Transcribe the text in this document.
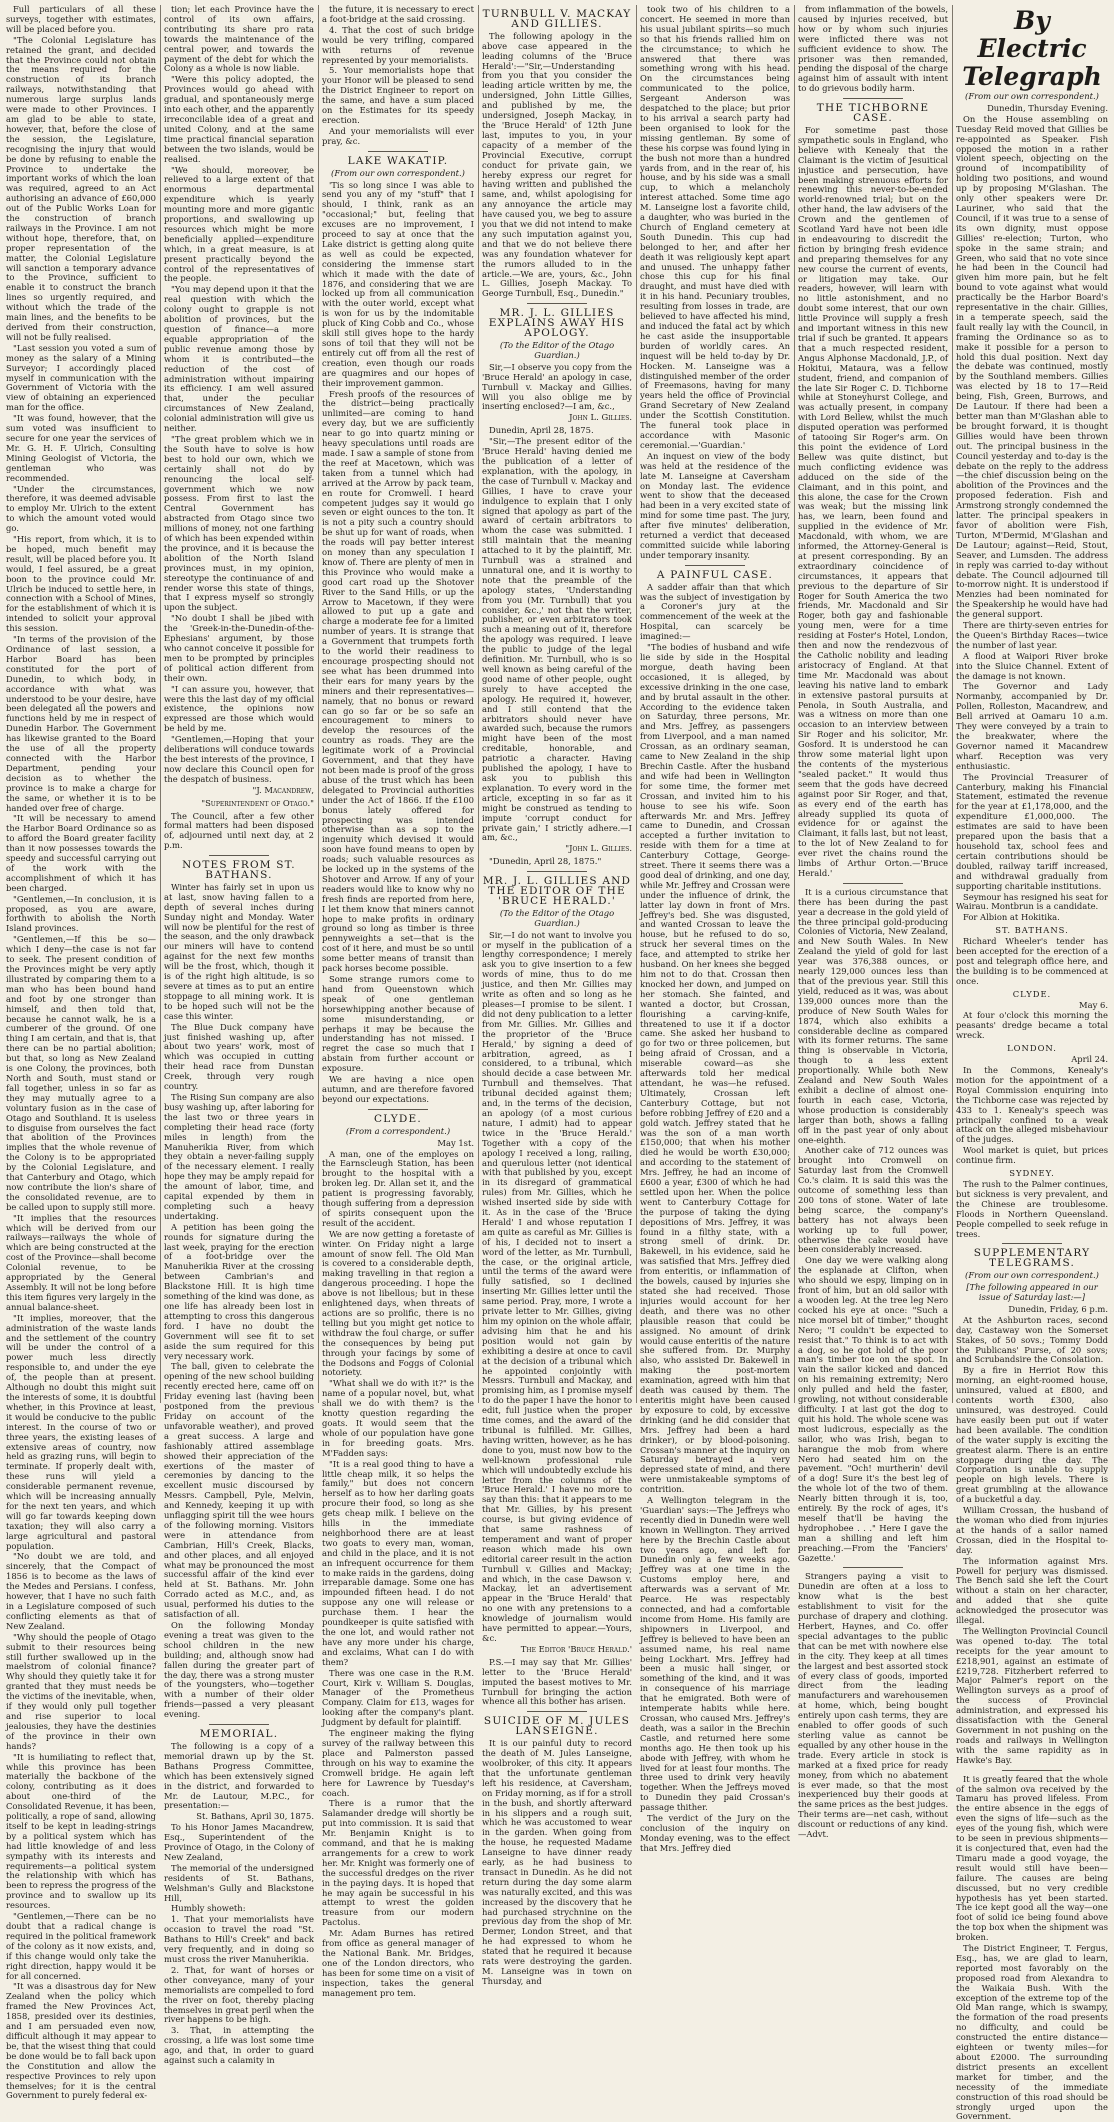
Full particulars of all these surveys, together with estimates, will be placed before you.

"The Colonial Legislature has retained the grant, and decided that the Province could not obtain the means required for the construction of its branch railways, notwithstanding that numerous large surplus lands were made to other Provinces. I am glad to be able to state, however, that, before the close of the session, the Legislature, recognising the injury that would be done by refusing to enable the Province to undertake the important works of which the loan was required, agreed to an Act authorising an advance of £60,000 out of the Public Works Loan for the construction of branch railways in the Province. I am not without hope, therefore, that, on proper representation of the matter, the Colonial Legislature will sanction a temporary advance to the Province, sufficient to enable it to construct the branch lines so urgently required, and without which the trade of the main lines, and the benefits to be derived from their construction, will not be fully realised.

"Last session you voted a sum of money as the salary of a Mining Surveyor; I accordingly placed myself in communication with the Government of Victoria with the view of obtaining an experienced man for the office.

"It was found, however, that the sum voted was insufficient to secure for one year the services of Mr. G. H. F. Ulrich, Consulting Mining Geologist of Victoria, the gentleman who was recommended.

"Under the circumstances, therefore, it was deemed advisable to employ Mr. Ulrich to the extent to which the amount voted would go.

"His report, from which, it is to be hoped, much benefit may result, will be placed before you. It would, I feel assured, be a great boon to the province could Mr. Ulrich be induced to settle here, in connection with a School of Mines, for the establishment of which it is intended to solicit your approval this session.

"In terms of the provision of the Ordinance of last session, a Harbor Board has been constituted for the port of Dunedin, to which body, in accordance with what was understood to be your desire, have been delegated all the powers and functions held by me in respect of Dunedin Harbor. The Government has likewise granted to the Board the use of all the property connected with the Harbor Department, pending your decision as to whether the province is to make a charge for the same, or whether it is to be handed over free of charge.

"It will be necessary to amend the Harbor Board Ordinance so as to afford the Board greater facility than it now possesses towards the speedy and successful carrying out of the work with the accomplishment of which it has been charged.

"Gentlemen,—In conclusion, it is proposed, as you are aware, forthwith to abolish the North Island provinces.

"Gentlemen,—If this be so—which I deny—the case is not far to seek. The present condition of the Provinces might be very aptly illustrated by comparing them to a man who has been bound hand and foot by one stronger than himself, and then told that, because he cannot walk, he is a cumberer of the ground. Of one thing I am certain, and that is, that there can be no partial abolition; but that, so long as New Zealand is one Colony, the provinces, both North and South, must stand or fall together, unless in so far as they may mutually agree to a voluntary fusion as in the case of Otago and Southland. It is useless to disguise from ourselves the fact that abolition of the Provinces implies that the whole revenue of the Colony is to be appropriated by the Colonial Legislature, and that Canterbury and Otago, which now contribute the lion's share of the consolidated revenue, are to be called upon to supply still more.

"It implies that the resources which will be derived from our railways—railways the whole of which are being constructed at the cost of the Province—shall become Colonial revenue, to be appropriated by the General Assembly. It will not be long before this item figures very largely in the annual balance-sheet.

"It implies, moreover, that the administration of the waste lands and the settlement of the country will be under the control of a power much less directly responsible to, and under the eye of, the people than at present. Although no doubt this might suit the interests of some, it is doubtful whether, in this Province at least, it would be conducive to the public interest. In the course of two or three years, the existing leases of extensive areas of country, now held as grazing runs, will begin to terminate. If properly dealt with, these runs will yield a considerable permanent revenue, which will be increasing annually for the next ten years, and which will go far towards keeping down taxation; they will also carry a large agricultural and pastoral population.

"No doubt we are told, and sincerely, that the Compact of 1856 is to become as the laws of the Medes and Persians. I confess, however, that I have no such faith in a Legislature composed of such conflicting elements as that of New Zealand.

"Why should the people of Otago submit to their resources being still further swallowed up in the maelstrom of colonial finance? Why should they quietly take it for granted that they must needs be the victims of the inevitable, when, if they would only pull together and rise superior to local jealousies, they have the destinies of the province in their own hands?

"It is humiliating to reflect that, while this province has been materially the backbone of the colony, contributing as it does about one-third of the Consolidated Revenue, it has been, politically, a rope of sand, allowing itself to be kept in leading-strings by a political system which has had little knowledge of and less sympathy with its interests and requirements—a political system the relationship with which has been to repress the progress of the province and to swallow up its resources.

"Gentlemen,—There can be no doubt that a radical change is required in the political framework of the colony as it now exists, and, if this change would only take the right direction, happy would it be for all concerned.

"It was a disastrous day for New Zealand when the policy which framed the New Provinces Act, 1858, presided over its destinies, and I am persuaded even now, difficult although it may appear to be, that the wisest thing that could be done would be to fall back upon the Constitution and allow the respective Provinces to rely upon themselves; for it is the central Government to purely federal ex-

tion; let each Province have the control of its own affairs, contributing its share pro rata towards the maintenance of the central power, and towards the payment of the debt for which the Colony as a whole is now liable.

"Were this policy adopted, the Provinces would go ahead with gradual, and spontaneously merge into each other, and the apparently irreconcilable idea of a great and united Colony, and at the same time practical financial separation between the two islands, would be realised.

"We should, moreover, be relieved to a large extent of that enormous departmental expenditure which is yearly mounting more and more gigantic proportions, and swallowing up resources which might be more beneficially applied—expenditure which, in a great measure, is at present practically beyond the control of the representatives of the people.

"You may depend upon it that the real question with which the colony ought to grapple is not abolition of provinces, but the question of finance—a more equable appropriation of the public revenue among those by whom it is contributed—the reduction of the cost of administration without impairing its efficiency. I am well assured that, under the peculiar circumstances of New Zealand, colonial administration will give us neither.

"The great problem which we in the South have to solve is how best to hold our own, which we certainly shall not do by renouncing the local self-government which we now possess. From first to last the Central Government has abstracted from Otago since two millions of money, not one farthing of which has been expended within the province, and it is because the abolition of the North Island provinces must, in my opinion, stereotype the continuance of and render worse this state of things, that I express myself so strongly upon the subject.

"No doubt I shall be jibed with the 'Greek-in-the-Dunedin-of-the-Ephesians' argument, by those who cannot conceive it possible for men to be prompted by principles of political action different from their own.

"I can assure you, however, that were this the last day of my official existence, the opinions now expressed are those which would be held by me.

"Gentlemen,—Hoping that your deliberations will conduce towards the best interests of the province, I now declare this Council open for the despatch of business.

"J. Macandrew,
"Superintendent of Otago."

The Council, after a few other formal matters had been disposed of, adjourned until next day, at 2 p.m.

NOTES FROM ST. BATHANS.

Winter has fairly set in upon us at last, snow having fallen to a depth of several inches during Sunday night and Monday. Water will now be plentiful for the rest of the season, and the only drawback our miners will have to contend against for the next few months will be the frost, which, though it is of the right high altitude, is so severe at times as to put an entire stoppage to all mining work. It is to be hoped such will not be the case this winter.

The Blue Duck company have just finished washing up, after about two years' work, most of which was occupied in cutting their head race from Dunstan Creek, through very rough country.

The Rising Sun company are also busy washing up, after laboring for the last two or three years in completing their head race (forty miles in length) from the Manuherikia River, from which they obtain a never-failing supply of the necessary element. I really hope they may be amply repaid for the amount of labor, time, and capital expended by them in completing such a heavy undertaking.

A petition has been going the rounds for signature during the last week, praying for the erection of a foot-bridge over the Manuherikia River at the crossing between Cambrian's and Blackstone Hill. It is high time something of the kind was done, as one life has already been lost in attempting to cross this dangerous ford. I have no doubt the Government will see fit to set aside the sum required for this very necessary work.

The ball, given to celebrate the opening of the new school building recently erected here, came off on Friday evening last (having been postponed from the previous Friday on account of the unfavorable weather), and proved a great success. A large and fashionably attired assemblage showed their appreciation of the exertions of the master of ceremonies by dancing to the excellent music discoursed by Messrs. Campbell, Pyle, Melvin, and Kennedy, keeping it up with unflagging spirit till the wee hours of the following morning. Visitors were in attendance from Cambrian, Hill's Creek, Blacks, and other places, and all enjoyed what may be pronounced the most successful affair of the kind ever held at St. Bathans. Mr. John Corrado acted as M.C., and, as usual, performed his duties to the satisfaction of all.

On the following Monday evening a treat was given to the school children in the new building; and, although snow had fallen during the greater part of the day, there was a strong muster of the youngsters, who—together with a number of their older friends—passed a very pleasant evening.

MEMORIAL.

The following is a copy of a memorial drawn up by the St. Bathans Progress Committee, which has been extensively signed in the district, and forwarded to Mr. de Lautour, M.P.C., for presentation:—

St. Bathans, April 30, 1875.

To his Honor James Macandrew, Esq., Superintendent of the Province of Otago, in the Colony of New Zealand,

The memorial of the undersigned residents of St. Bathans, Welshman's Gully and Blackstone Hill,

Humbly showeth:

1. That your memorialists have occasion to travel the road "St. Bathans to Hill's Creek" and back very frequently, and in doing so must cross the river Manuherikia.

2. That, for want of horses or other conveyance, many of your memorialists are compelled to ford the river on foot, thereby placing themselves in great peril when the river happens to be high.

3. That, in attempting the crossing, a life was lost some time ago, and that, in order to guard against such a calamity in

the future, it is necessary to erect a foot-bridge at the said crossing.

4. That the cost of such bridge would be very trifling, compared with returns of revenue represented by your memorialists.

5. Your memorialists hope that your Honor will be pleased to send the District Engineer to report on the same, and have a sum placed on the Estimates for its speedy erection.

And your memorialists will ever pray, &c.

LAKE WAKATIP.
(From our own correspondent.)

'Tis so long since I was able to send you any of my "stuff" that I should, I think, rank as an "occasional;" but, feeling that excuses are no improvement, I proceed to say at once that the Lake district is getting along quite as well as could be expected, considering the immense start which it made with the date of 1876, and considering that we are locked up from all communication with the outer world, except what is won for us by the indomitable pluck of King Cobb and Co., whose skill still gives hope to the hardy sons of toil that they will not be entirely cut off from all the rest of creation, even though our roads are quagmires and our hopes of their improvement gammon.

Fresh proofs of the resources of the district—being practically unlimited—are coming to hand every day, but we are sufficiently near to go into quartz mining or heavy speculations until roads are made. I saw a sample of stone from the reef at Macetown, which was taken from a tunnel which had arrived at the Arrow by pack team, en route for Cromwell. I heard competent judges say it would go seven or eight ounces to the ton. It is not a pity such a country should be shut up for want of roads, when the roads will pay better interest on money than any speculation I know of. There are plenty of men in this Province who would make a good cart road up the Shotover River to the Sand Hills, or up the Arrow to Macetown, if they were allowed to put up a gate and charge a moderate fee for a limited number of years. It is strange that a Government that trumpets forth to the world their readiness to encourage prospecting should not see what has been drummed into their ears for many years by the miners and their representatives—namely, that no bonus or reward can go so far or be so safe an encouragement to miners to develop the resources of the country as roads. They are the legitimate work of a Provincial Government, and that they have not been made is proof of the gross abuse of the trust which has been delegated to Provincial authorities under the Act of 1866. If the £100 bonus lately offered for prospecting was intended otherwise than as a sop to the ingenuity which devised it would soon have found means to open by roads; such valuable resources as be locked up in the systems of the Shotover and Arrow. If any of your readers would like to know why no fresh finds are reported from here, I let them know that miners cannot hope to make profits in ordinary ground so long as timber is three pennyweights a set—that is the cost of it here, and must be so until some better means of transit than pack horses become possible.

Some strange rumors come to hand from Queenstown which speak of one gentleman horsewhipping another because of some misunderstanding, or perhaps it may be because the understanding has not missed. I regret the case so much that I abstain from further account or exposure.

We are having a nice open autumn, and are therefore favored beyond our expectations.

CLYDE.
(From a correspondent.)
May 1st.

A man, one of the employes on the Earnscleugh Station, has been brought to the hospital with a broken leg. Dr. Allan set it, and the patient is progressing favorably, though suffering from a depression of spirits consequent upon the result of the accident.

We are now getting a foretaste of winter. On Friday night a large amount of snow fell. The Old Man is covered to a considerable depth, making travelling in that region a dangerous proceeding. I hope the above is not libellous; but in these enlightened days, when threats of actions are so prolific, there is no telling but you might get notice to withdraw the foul charge, or suffer the consequences by being put through your facings by some of the Dodsons and Foggs of Colonial notoriety.

"What shall we do with it?" is the name of a popular novel, but, what shall we do with them? is the knotty question regarding the goats. It would seem that the whole of our population have gone in for breeding goats. Mrs. M'Fadden says:

"It is a real good thing to have a little cheap milk, it so helps the family," but does not concern herself as to how her darling goats procure their food, so long as she gets cheap milk. I believe on the hills in the immediate neighborhood there are at least two goats to every man, woman, and child in the place, and it is not an infrequent occurrence for them to make raids in the gardens, doing irreparable damage. Some one has impounded fifteen head. I do not suppose any one will release or purchase them. I hear the poundkeeper is quite satisfied with the one lot, and would rather not have any more under his charge, and exclaims, What can I do with them?

There was one case in the R.M. Court, Kirk v. William S. Douglas, Manager of the Prometheus Company. Claim for £13, wages for looking after the company's plant. Judgment by default for plaintiff.

The engineer making the flying survey of the railway between this place and Palmerston passed through on his way to examine the Cromwell bridge. He again left here for Lawrence by Tuesday's coach.

There is a rumor that the Salamander dredge will shortly be put into commission. It is said that Mr. Benjamin Knight is to command, and that he is making arrangements for a crew to work her. Mr. Knight was formerly one of the successful dredges on the river in the paying days. It is hoped that he may again be successful in his attempt to wrest the golden treasure from our modern Pactolus.

Mr. Adam Burnes has retired from office as general manager of the National Bank. Mr. Bridges, one of the London directors, who has been for some time on a visit of inspection, takes the general management pro tem.

TURNBULL V. MACKAY AND GILLIES.

The following apology in the above case appeared in the leading columns of the 'Bruce Herald':—"Sir,—Understanding from you that you consider the leading article written by me, the undersigned, John Little Gillies, and published by me, the undersigned, Joseph Mackay, in the 'Bruce Herald' of 12th June last, imputes to you, in your capacity of a member of the Provincial Executive, corrupt conduct for private gain, we hereby express our regret for having written and published the same, and, whilst apologising for any annoyance the article may have caused you, we beg to assure you that we did not intend to make any such imputation against you, and that we do not believe there was any foundation whatever for the rumors alluded to in the article.—We are, yours, &c., John L. Gillies, Joseph Mackay. To George Turnbull, Esq., Dunedin."

MR. J. L. GILLIES EXPLAINS AWAY HIS APOLOGY.
(To the Editor of the Otago Guardian.)

Sir,—I observe you copy from the 'Bruce Herald' an apology in case, Turnbull v. Mackay and Gillies. Will you also oblige me by inserting enclosed?—I am, &c.,

John L. Gillies.

Dunedin, April 28, 1875.

"Sir,—The present editor of the 'Bruce Herald' having denied me the publication of a letter of explanation, with the apology, in the case of Turnbull v. Mackay and Gillies, I have to crave your indulgence to explain that I only signed that apology as part of the award of certain arbitrators to whom the case was submitted. I still maintain that the meaning attached to it by the plaintiff, Mr. Turnbull was a strained and unnatural one, and it is worthy to note that the preamble of the apology states, 'Understanding from you (Mr. Turnbull) that you consider, &c.,' not that the writer, publisher, or even arbitrators took such a meaning out of it, therefore the apology was required. I leave the public to judge of the legal definition. Mr. Turnbull, who is so well known as being careful of the good name of other people, ought surely to have accepted the apology. He required it, however, and I still contend that the arbitrators should never have awarded such, because the rumors might have been of the most creditable, honorable, and patriotic a character. Having published the apology, I have to ask you to publish this explanation. To every word in the article, excepting in so far as it might be construed as tending to impute 'corrupt conduct for private gain,' I strictly adhere.—I am, &c.,

"John L. Gillies.

"Dunedin, April 28, 1875."

MR. J. L. GILLIES AND THE EDITOR OF THE 'BRUCE HERALD.'
(To the Editor of the Otago Guardian.)

Sir,—I do not want to involve you or myself in the publication of a lengthy correspondence; I merely ask you to give insertion to a few words of mine, thus to do me justice, and then Mr. Gillies may write as often and so long as he pleases—I promise to be silent. I did not deny publication to a letter from Mr. Gillies. Mr. Gillies and the proprietor of the 'Bruce Herald,' by signing a deed of arbitration, agreed, as I considered, to a tribunal, which should decide a case between Mr. Turnbull and themselves. That tribunal decided against them; and, in the terms of the decision, an apology (of a most curious nature, I admit) had to appear twice in the 'Bruce Herald.' Together with a copy of the apology I received a long, railing, and querulous letter (not identical with that published by you, except in its disregard of grammatical rules) from Mr. Gillies, which he wished inserted side by side with it. As in the case of the 'Bruce Herald' I and whose reputation I am quite as careful as Mr. Gillies is of his, I decided not to insert a word of the letter, as Mr. Turnbull, the case, or the original article, until the terms of the award were fully satisfied, so I declined inserting Mr. Gillies letter until the same period. Pray, more, I wrote a private letter to Mr. Gillies, giving him my opinion on the whole affair, advising him that he and his position would not gain by exhibiting a desire at once to cavil at the decision of a tribunal which he appointed conjointly with Messrs. Turnbull and Mackay, and promising him, as I promise myself to do the paper I have the honor to edit, full justice when the proper time comes, and the award of the tribunal is fulfilled. Mr. Gillies, having written, however, as he has done to you, must now bow to the well-known professional rule which will undoubtedly exclude his letter from the columns of the 'Bruce Herald.' I have no more to say than this: that it appears to me that Mr. Gillies, by his present course, is but giving evidence of that same rashness of temperament and want of proper reason which made his own editorial career result in the action Turnbull v. Gillies and Mackay; and which, in the case Dawson v. Mackay, let an advertisement appear in the 'Bruce Herald' that no one with any pretensions to a knowledge of journalism would have permitted to appear.—Yours, &c.

The Editor 'Bruce Herald.'

P.S.—I may say that Mr. Gillies' letter to the 'Bruce Herald' imputed the basest motives to Mr. Turnbull for bringing the action whence all this bother has arisen.

SUICIDE OF M. JULES LANSEIGNE.

It is our painful duty to record the death of M. Jules Lanseigne, woolbroker, of this city. It appears that the unfortunate gentleman left his residence, at Caversham, on Friday morning, as if for a stroll in the bush, and shortly afterward in his slippers and a rough suit, which he was accustomed to wear in the garden. When going from the house, he requested Madame Lanseigne to have dinner ready early, as he had business to transact in Dunedin. As he did not return during the day some alarm was naturally excited, and this was increased by the discovery that he had purchased strychnine on the previous day from the shop of Mr. Dermer, London Street, and that he had expressed to whom he stated that he required it because rats were destroying the garden. M. Lanseigne was in town on Thursday, and

took two of his children to a concert. He seemed in more than his usual jubilant spirits—so much so that his friends rallied him on the circumstance; to which he answered that there was something wrong with his head. On the circumstances being communicated to the police, Sergeant Anderson was despatched to the place; but prior to his arrival a search party had been organised to look for the missing gentleman. By some of these his corpse was found lying in the bush not more than a hundred yards from, and in the rear of, his house, and by his side was a small cup, to which a melancholy interest attached. Some time ago M. Lanseigne lost a favorite child, a daughter, who was buried in the Church of England cemetery at South Dunedin. This cup had belonged to her, and after her death it was religiously kept apart and unused. The unhappy father chose this cup for his final draught, and must have died with it in his hand. Pecuniary troubles, resulting from losses in trade, are believed to have affected his mind, and induced the fatal act by which he cast aside the insupportable burden of worldly cares. An inquest will be held to-day by Dr. Hocken. M. Lanseigne was a distinguished member of the order of Freemasons, having for many years held the office of Provincial Grand Secretary of New Zealand under the Scottish Constitution. The funeral took place in accordance with Masonic ceremonial.—'Guardian.'

An inquest on view of the body was held at the residence of the late M. Lanseigne at Caversham on Monday last. The evidence went to show that the deceased had been in a very excited state of mind for some time past. The jury, after five minutes' deliberation, returned a verdict that deceased committed suicide while laboring under temporary insanity.

A PAINFUL CASE.

A sadder affair than that which was the subject of investigation by a Coroner's jury at the commencement of the week at the Hospital, can scarcely be imagined:—

"The bodies of husband and wife lie side by side in the Hospital morgue, death having been occasioned, it is alleged, by excessive drinking in the one case, and by brutal assault in the other. According to the evidence taken on Saturday, three persons, Mr. and Mrs. Jeffrey, as passengers from Liverpool, and a man named Crossan, as an ordinary seaman, came to New Zealand in the ship Brechin Castle. After the husband and wife had been in Wellington for some time, the former met Crossan, and invited him to his house to see his wife. Soon afterwards Mr. and Mrs. Jeffrey came to Dunedin, and Crossan accepted a further invitation to reside with them for a time at Canterbury Cottage, George-street. There it seems there was a good deal of drinking, and one day, while Mr. Jeffrey and Crossan were under the influence of drink, the latter lay down in front of Mrs. Jeffrey's bed. She was disgusted, and wanted Crossan to leave the house, but he refused to do so, struck her several times on the face, and attempted to strike her husband. On her knees she begged him not to do that. Crossan then knocked her down, and jumped on her stomach. She fainted, and wanted a doctor, but Crossan, flourishing a carving-knife, threatened to use it if a doctor came. She asked her husband to go for two or three policemen, but being afraid of Crossan, and a miserable coward—as she afterwards told her medical attendant, he was—he refused. Ultimately, Crossan left Canterbury Cottage, but not before robbing Jeffrey of £20 and a gold watch. Jeffrey stated that he was the son of a man worth £150,000; that when his mother died he would be worth £30,000; and according to the statement of Mrs. Jeffrey, he had an income of £600 a year, £300 of which he had settled upon her. When the police went to Canterbury Cottage for the purpose of taking the dying depositions of Mrs. Jeffrey, it was found in a filthy state, with a strong smell of drink. Dr. Bakewell, in his evidence, said he was satisfied that Mrs. Jeffrey died from enteritis, or inflammation of the bowels, caused by injuries she stated she had received. Those injuries would account for her death, and there was no other plausible reason that could be assigned. No amount of drink would cause enteritis of the nature she suffered from. Dr. Murphy also, who assisted Dr. Bakewell in making the post-mortem examination, agreed with him that death was caused by them. The enteritis might have been caused by exposure to cold, by excessive drinking (and he did consider that Mrs. Jeffrey had been a hard drinker), or by blood-poisoning. Crossan's manner at the inquiry on Saturday betrayed a very depressed state of mind, and there were unmistakeable symptoms of contrition.

A Wellington telegram in the 'Guardian' says:—The Jeffreys who recently died in Dunedin were well known in Wellington. They arrived here by the Brechin Castle about two years ago, and left for Dunedin only a few weeks ago. Jeffrey was at one time in the Customs employ here, and afterwards was a servant of Mr. Pearce. He was respectably connected, and had a comfortable income from Home. His family are shipowners in Liverpool, and Jeffrey is believed to have been an assumed name, his real name being Lockhart. Mrs. Jeffrey had been a music hall singer, or something of the kind, and it was in consequence of his marriage that he emigrated. Both were of intemperate habits while here. Crossan, who caused Mrs. Jeffrey's death, was a sailor in the Brechin Castle, and returned here some months ago. He then took up his abode with Jeffrey, with whom he lived for at least four months. The three used to drink very heavily together. When the Jeffreys moved to Dunedin they paid Crossan's passage thither.

The verdict of the Jury on the conclusion of the inquiry on Monday evening, was to the effect that Mrs. Jeffrey died

from inflammation of the bowels, caused by injuries received, but how or by whom such injuries were inflicted there was not sufficient evidence to show. The prisoner was then remanded, pending the disposal of the charge against him of assault with intent to do grievous bodily harm.

THE TICHBORNE CASE.

For sometime past those sympathetic souls in England, who believe with Kenealy that the Claimant is the victim of Jesuitical injustice and persecution, have been making strenuous efforts for renewing this never-to-be-ended world-renowned trial; but on the other hand, the law advisers of the Crown and the gentlemen of Scotland Yard have not been idle in endeavouring to discredit the fiction by bringing fresh evidence and preparing themselves for any new course the current of events, or litigation may take. Our readers, however, will learn with no little astonishment, and no doubt some interest, that our own little Province will supply a fresh and important witness in this new trial if such be granted. It appears that a much respected resident, Angus Alphonse Macdonald, J.P., of Hokitui, Mataura, was a fellow student, friend, and companion of the late Sir Roger C. D. Tichborne while at Stoneyhurst College, and was actually present, in company with Lord Bellew, whilst the much disputed operation was performed of tatooing Sir Roger's arm. On this point the evidence of Lord Bellew was quite distinct, but much conflicting evidence was adduced on the side of the Claimant, and in this point, and this alone, the case for the Crown was weak; but the missing link has, we learn, been found and supplied in the evidence of Mr. Macdonald, with whom, we are informed, the Attorney-General is at present corresponding. By an extraordinary coincidence of circumstances, it appears that previous to the departure of Sir Roger for South America the two friends, Mr. Macdonald and Sir Roger, both gay and fashionable young men, were for a time residing at Foster's Hotel, London, then and now the rendezvous of the Catholic nobility and leading aristocracy of England. At that time Mr. Macdonald was about leaving his native land to embark in extensive pastoral pursuits at Penola, in South Australia, and was a witness on more than one occasion to an interview between Sir Roger and his solicitor, Mr. Gosford. It is understood he can throw some material light upon the contents of the mysterious "sealed packet." It would thus seem that the gods have decreed against poor Sir Roger, and that, as every end of the earth has already supplied its quota of evidence for or against the Claimant, it falls last, but not least, to the lot of New Zealand to for ever rivet the chains round the limbs of Arthur Orton.—'Bruce Herald.'

It is a curious circumstance that there has been during the past year a decrease in the gold yield of the three principal gold-producing Colonies of Victoria, New Zealand, and New South Wales. In New Zealand the yield of gold for last year was 376,388 ounces, or nearly 129,000 ounces less than that of the previous year. Still this yield, reduced as it was, was about 139,000 ounces more than the produce of New South Wales for 1874, which also exhibits a considerable decline as compared with its former returns. The same thing is observable in Victoria, though to a less extent proportionally. While both New Zealand and New South Wales exhibit a decline of almost one-fourth in each case, Victoria, whose production is considerably larger than both, shows a falling off in the past year of only about one-eighth.

Another cake of 712 ounces was brought into Cromwell on Saturday last from the Cromwell Co.'s claim. It is said this was the outcome of something less than 200 tons of stone. Water of late being scarce, the company's battery has not always been working up to full power, otherwise the cake would have been considerably increased.

One day we were walking along the esplanade at Clifton, when who should we espy, limping on in front of him, but an old sailor with a wooden leg. At the tree leg Nero cocked his eye at once: "Such a nice morsel bit of timber," thought Nero; "I couldn't be expected to resist that." To think is to act with a dog, so he got hold of the poor man's timber toe on the spot. In vain the sailor kicked and danced on his remaining extremity; Nero only pulled and held the faster, growling, not without considerable difficulty. I at last got the dog to quit his hold. The whole scene was most ludicrous, especially as the sailor, who was Irish, began to harangue the mob from where Nero had seated him on the pavement. "Och! murtherin' devil of a dog! Sure it's the best leg of the whole lot of the two of them. Nearly bitten through it is, too, entirely. By the rock of ages, it's meself that'll be having the hydrophobee . . ." Here I gave the man a shilling and left him preaching.—From the 'Fanciers' Gazette.'

Strangers paying a visit to Dunedin are often at a loss to know what is the best establishment to visit for the purchase of drapery and clothing. Herbert, Haynes, and Co. offer special advantages to the public that can be met with nowhere else in the city. They keep at all times the largest and best assorted stock of every class of goods, imported direct from the leading manufacturers and warehousemen at home, which, being bought entirely upon cash terms, they are enabled to offer goods of such sterling value as cannot be equalled by any other house in the trade. Every article in stock is marked at a fixed price for ready money, from which no abatement is ever made, so that the most inexperienced buy their goods at the same prices as the best judges. Their terms are—net cash, without discount or reductions of any kind.—Advt.

By Electric Telegraph
(From our own correspondent.)
Dunedin, Thursday Evening.

On the House assembling on Tuesday Reid moved that Gillies be re-appointed as Speaker. Fish opposed the motion in a rather violent speech, objecting on the ground of incompatibility of holding two positions, and wound up by proposing M'Glashan. The only other speakers were Dr. Lauriner, who said that the Council, if it was true to a sense of its own dignity, must oppose Gillies' re-election; Turton, who spoke in the same strain; and Green, who said that no vote since he had been in the Council had given him more pain, but he felt bound to vote against what would practically be the Harbor Board's representative in the chair. Gillies, in a temperate speech, said the fault really lay with the Council, in framing the Ordinance so as to make it possible for a person to hold this dual position. Next day the debate was continued, mostly by the Southland members. Gillies was elected by 18 to 17—Reid being, Fish, Green, Burrows, and De Lautour. If there had been a better man than M'Glashan able to be brought forward, it is thought Gillies would have been thrown out. The principal business in the Council yesterday and to-day is the debate on the reply to the address—the chief discussion being on the abolition of the Provinces and the proposed federation. Fish and Armstrong strongly condemned the latter. The principal speakers in favor of abolition were Fish, Turton, M'Dermid, M'Glashan and De Lautour; against—Reid, Stout, Seaver, and Lumsden. The address in reply was carried to-day without debate. The Council adjourned till to-morrow night. It is understood if Menzies had been nominated for the Speakership he would have had the general support.

There are thirty-seven entries for the Queen's Birthday Races—twice the number of last year.

A flood at Waipori River broke into the Sluice Channel. Extent of the damage is not known.

The Governor and Lady Normanby, accompanied by Dr. Pollen, Rolleston, Macandrew, and Bell arrived at Oamaru 10 a.m. They were conveyed by a train to the breakwater, where the Governor named it Macandrew wharf. Reception was very enthusiastic.

The Provincial Treasurer of Canterbury, making his Financial Statement, estimated the revenue for the year at £1,178,000, and the expenditure £1,000,000. The estimates are said to have been prepared upon the basis that a household tax, school fees and certain contributions should be doubled, railway tariff increased, and withdrawal gradually from supporting charitable institutions.

Seymour has resigned his seat for Wairau. Montbrun is a candidate.

For Albion at Hokitika.

ST. BATHANS.

Richard Wheeler's tender has been accepted for the erection of a post and telegraph office here, and the building is to be commenced at once.

CLYDE.
May 6.

At four o'clock this morning the peasants' dredge became a total wreck.

LONDON.
April 24.

In the Commons, Kenealy's motion for the appointment of a Royal Commission enquiring into the Tichborne case was rejected by 433 to 1. Kenealy's speech was principally confined to a weak attack on the alleged misbehaviour of the judges.

Wool market is quiet, but prices continue firm.

SYDNEY.

The rush to the Palmer continues, but sickness is very prevalent, and the Chinese are troublesome. Floods in Northern Queensland. People compelled to seek refuge in trees.

SUPPLEMENTARY TELEGRAMS.
(From our own correspondent.)
[The following appeared in our issue of Saturday last:—]
Dunedin, Friday, 6 p.m.

At the Ashburton races, second day, Castaway won the Somerset Stakes, of 50 sovs.; Tommy Dodd the Publicans' Purse, of 20 sovs; and Scrubandsire the Consolation.

By a fire in Herriot Row this morning, an eight-roomed house, uninsured, valued at £800, and contents worth £300, also uninsured, was destroyed. Could have easily been put out if water had been available. The condition of the water supply is exciting the greatest alarm. There is an entire stoppage during the day. The Corporation is unable to supply people on high levels. There is great grumbling at the allowance of a bucketful a day.

William Crossan, the husband of the woman who died from injuries at the hands of a sailor named Crossan, died in the Hospital to-day.

The information against Mrs. Powell for perjury was dismissed. The Bench said she left the Court without a stain on her character, and added that she quite acknowledged the prosecutor was illegal.

The Wellington Provincial Council was opened to-day. The total receipts for the year amount to £218,901, against an estimate of £219,728. Fitzherbert referred to Major Palmer's report on the Wellington surveys as a proof of the success of Provincial administration, and expressed his dissatisfaction with the General Government in not pushing on the roads and railways in Wellington with the same rapidity as in Hawke's Bay.

It is greatly feared that the whole of the salmon ova received by the Tamaru has proved lifeless. From the entire absence in the eggs of even the signs of life—such as the eyes of the young fish, which were to be seen in previous shipments—it is conjectured that, even had the Timaru made a good voyage, the result would still have been—failure. The causes are being discussed, but no very credible hypothesis has yet been started. The ice kept good all the way—one foot of solid ice being found above the top box when the shipment was broken.

The District Engineer, T. Fergus, Esq., has, we are glad to learn, reported most favorably on the proposed road from Alexandra to the Waikaia Bush. With the exception of the extreme top of the Old Man range, which is swampy, the formation of the road presents no difficulty, and could be constructed the entire distance—eighteen or twenty miles—for about £2000. The surrounding district presents an excellent market for timber, and the necessity of the immediate construction of this road should be strongly urged upon the Government.
